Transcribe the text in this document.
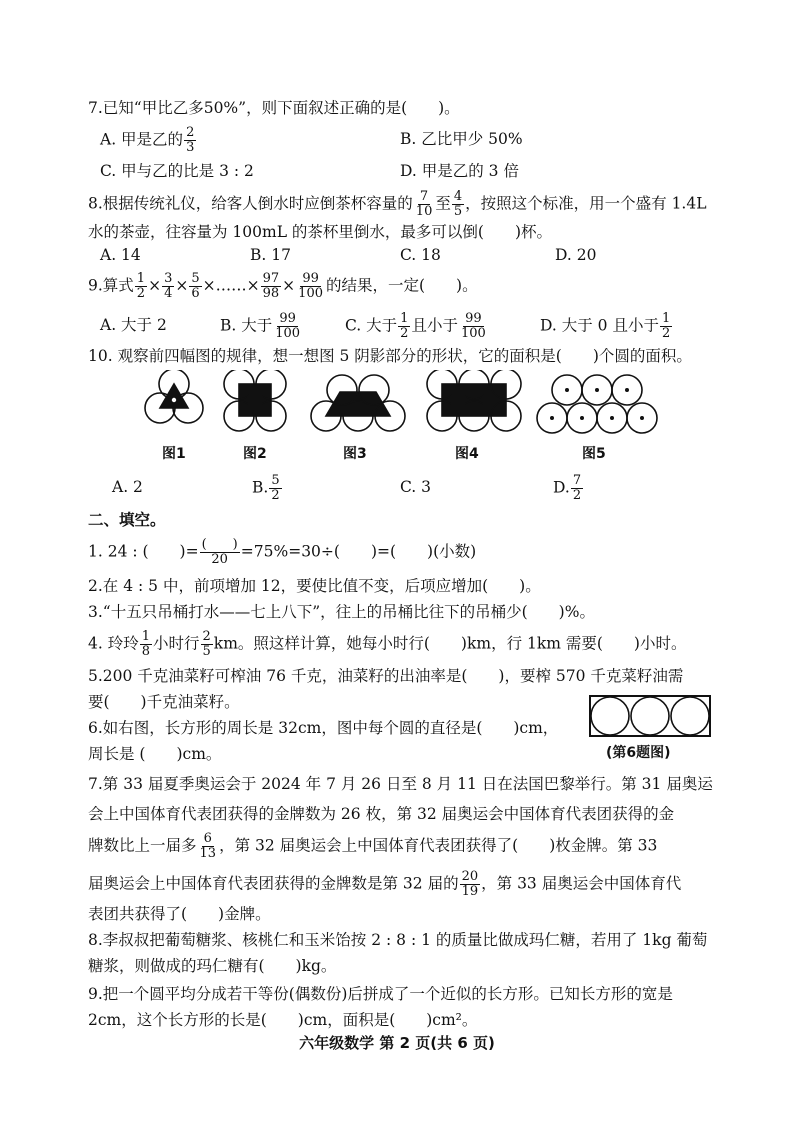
7.已知“甲比乙多50%”，则下面叙述正确的是(　　)。
A. 甲是乙的 $\frac{2}{3}$	B. 乙比甲少 50%
C. 甲与乙的比是 3 : 2	D. 甲是乙的 3 倍
8.根据传统礼仪，给客人倒水时应倒茶杯容量的 $\frac{7}{10}$ 至 $\frac{4}{5}$ ，按照这个标准，用一个盛有 1.4L
水的茶壶，往容量为 100mL 的茶杯里倒水，最多可以倒(　　)杯。
A. 14	B. 17	C. 18	D. 20
9.算式 $\frac{1}{2} \times \frac{3}{4} \times \frac{5}{6}$ ×……× $\frac{97}{98} \times \frac{99}{100}$ 的结果，一定(　　)。
A. 大于 2	B. 大于 $\frac{99}{100}$	C. 大于 $\frac{1}{2}$ 且小于 $\frac{99}{100}$	D. 大于 0 且小于 $\frac{1}{2}$
10. 观察前四幅图的规律，想一想图 5 阴影部分的形状，它的面积是(　　)个圆的面积。
图1	图2	图3	图4	图5
A. 2	B. $\frac{5}{2}$	C. 3	D. $\frac{7}{2}$
二、填空。
1. 24 : (　　)= $\frac{( )}{20} =75\%=30\div$(　　)=(　　)(小数)
2.在 4 : 5 中，前项增加 12，要使比值不变，后项应增加(　　)。
3.“十五只吊桶打水——七上八下”，往上的吊桶比往下的吊桶少(　　)%。
4. 玲玲 $\frac{1}{8}$ 小时行 $\frac{2}{5}$ km。照这样计算，她每小时行(　　)km，行 1km 需要(　　)小时。
5.200 千克油菜籽可榨油 76 千克，油菜籽的出油率是(　　)，要榨 570 千克菜籽油需
要(　　)千克油菜籽。
6.如右图，长方形的周长是 32cm，图中每个圆的直径是(　　)cm，
周长是 (　　)cm。	(第6题图)
7.第 33 届夏季奥运会于 2024 年 7 月 26 日至 8 月 11 日在法国巴黎举行。第 31 届奥运
会上中国体育代表团获得的金牌数为 26 枚，第 32 届奥运会中国体育代表团获得的金
牌数比上一届多 $\frac{6}{13}$ ，第 32 届奥运会上中国体育代表团获得了(　　)枚金牌。第 33
届奥运会上中国体育代表团获得的金牌数是第 32 届的 $\frac{20}{19}$ ，第 33 届奥运会中国体育代
表团共获得了(　　)金牌。
8.李叔叔把葡萄糖浆、核桃仁和玉米饴按 2 : 8 : 1 的质量比做成玛仁糖，若用了 1kg 葡萄
糖浆，则做成的玛仁糖有(　　)kg。
9.把一个圆平均分成若干等份(偶数份)后拼成了一个近似的长方形。已知长方形的宽是
2cm，这个长方形的长是(　　)cm，面积是(　　)cm²。
六年级数学 第 2 页(共 6 页)
